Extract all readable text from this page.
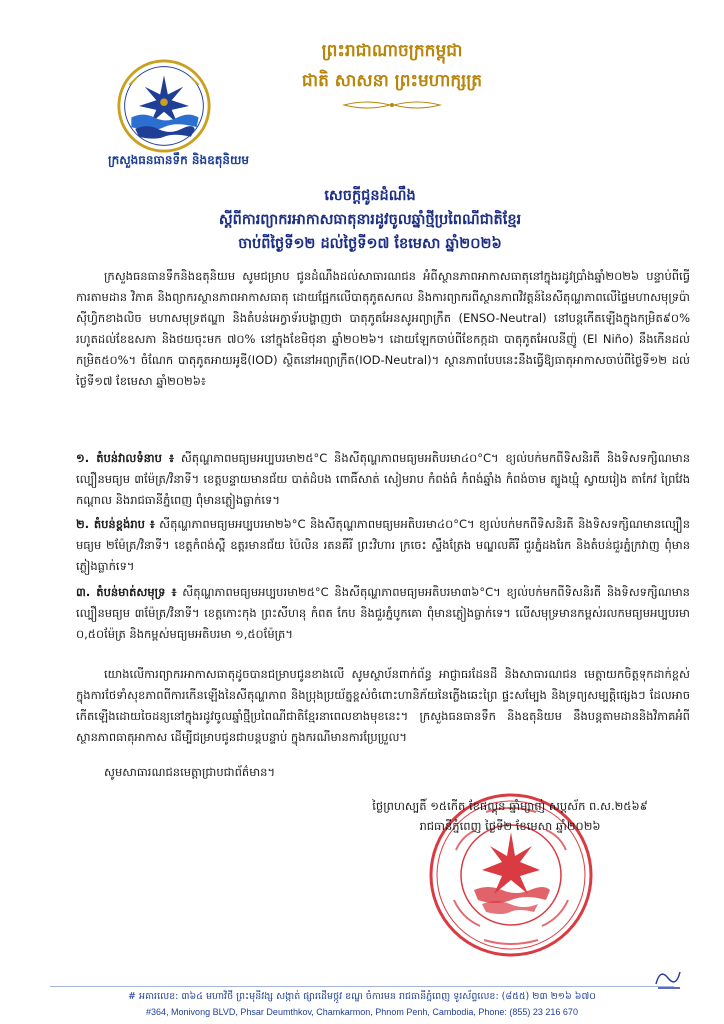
ព្រះរាជាណាចក្រកម្ពុជា
ជាតិ សាសនា ព្រះមហាក្សត្រ
ក្រសួងធនធានទឹក និងឧតុនិយម
សេចក្តីជូនដំណឹង
ស្តីពីការព្យាករអាកាសធាតុនារដូវចូលឆ្នាំថ្មីប្រពៃណីជាតិខ្មែរ
ចាប់ពីថ្ងៃទី១២ ដល់ថ្ងៃទី១៧ ខែមេសា ឆ្នាំ២០២៦
ក្រសួងធនធានទឹកនិងឧតុនិយម សូមជម្រាប ជូនដំណឹងដល់សាធារណជន អំពីស្ថានភាពអាកាសធាតុនៅក្នុងរដូវប្រាំងឆ្នាំ២០២៦ បន្ទាប់ពីធ្វើការតាមដាន វិភាគ និងព្យាករស្ថានភាពអាកាសធាតុ ដោយផ្អែកលើបាតុភូតសកល និងការព្យាករពីស្ថានភាពវិវត្តន៍នៃសីតុណ្ហភាពលើផ្ទៃមហាសមុទ្រប៉ាស៊ីហ្វិកខាងលិច មហាសមុទ្រឥណ្ឌា និងតំបន់អេក្វាទ័របង្ហាញថា បាតុភូតអែនសូអព្យាក្រឹត (ENSO-Neutral) នៅបន្តកើតឡើងក្នុងកម្រិត៩០% រហូតដល់ខែឧសភា និងថយចុះមក ៧០% នៅក្នុងខែមិថុនា ឆ្នាំ២០២៦។ ដោយឡែកចាប់ពីខែកក្កដា បាតុភូតអែលនីញ៉ូ (El Niño) នឹងកើនដល់កម្រិត៥០%។ ចំណែក បាតុភូតអាយអូឌី(IOD) ស្ថិតនៅអព្យាក្រឹត(IOD-Neutral)។ ស្ថានភាពបែបនេះនឹងធ្វើឱ្យធាតុអាកាសចាប់ពីថ្ងៃទី១២ ដល់ថ្ងៃទី១៧ ខែមេសា ឆ្នាំ២០២៦៖
១. តំបន់វាលទំនាប ៖ សីតុណ្ហភាពមធ្យមអប្បបរមា២៥°C និងសីតុណ្ហភាពមធ្យមអតិបរមា៤០°C។ ខ្យល់បក់មកពីទិសនិរតី និងទិសទក្សិណមានល្បឿនមធ្យម ៣ម៉ែត្រ/វិនាទី។ ខេត្តបន្ទាយមានជ័យ បាត់ដំបង ពោធិ៍សាត់ សៀមរាប កំពង់ធំ កំពង់ឆ្នាំង កំពង់ចាម ត្បូងឃ្មុំ ស្វាយរៀង តាកែវ ព្រៃវែង កណ្តាល និងរាជធានីភ្នំពេញ ពុំមានភ្លៀងធ្លាក់ទេ។
២. តំបន់ខ្ពង់រាប ៖ សីតុណ្ហភាពមធ្យមអប្បបរមា២៦°C និងសីតុណ្ហភាពមធ្យមអតិបរមា៤០°C។ ខ្យល់បក់មកពីទិសនិរតី និងទិសទក្សិណមានល្បឿនមធ្យម ២ម៉ែត្រ/វិនាទី។ ខេត្តកំពង់ស្ពឺ ឧត្តរមានជ័យ ប៉ៃលិន រតនគីរី ព្រះវិហារ ក្រចេះ ស្ទឹងត្រែង មណ្ឌលគីរី ជួរភ្នំដងរែក និងតំបន់ជួរភ្នំក្រវាញ ពុំមានភ្លៀងធ្លាក់ទេ។
៣. តំបន់មាត់សមុទ្រ ៖ សីតុណ្ហភាពមធ្យមអប្បបរមា២៥°C និងសីតុណ្ហភាពមធ្យមអតិបរមា៣៦°C។ ខ្យល់បក់មកពីទិសនិរតី និងទិសទក្សិណមានល្បឿនមធ្យម ៣ម៉ែត្រ/វិនាទី។ ខេត្តកោះកុង ព្រះសីហនុ កំពត កែប និងជួរភ្នំបូកគោ ពុំមានភ្លៀងធ្លាក់ទេ។ លើសមុទ្រមានកម្ពស់រលកមធ្យមអប្បបរមា ០,៥០ម៉ែត្រ និងកម្ពស់មធ្យមអតិបរមា ១,៥០ម៉ែត្រ។
យោងលើការព្យាករអាកាសធាតុដូចបានជម្រាបជូនខាងលើ សូមស្ថាប័នពាក់ព័ន្ធ អាជ្ញាធរដែនដី និងសាធារណជន មេត្តាយកចិត្តទុកដាក់ខ្ពស់ក្នុងការថែទាំសុខភាពពីការកើនឡើងនៃសីតុណ្ហភាព និងប្រុងប្រយ័ត្នខ្ពស់ចំពោះហានិភ័យនៃភ្លើងឆេះព្រៃ ផ្ទះសម្បែង និងទ្រព្យសម្បត្តិផ្សេងៗ ដែលអាចកើតឡើងដោយចៃដន្យនៅក្នុងរដូវចូលឆ្នាំថ្មីប្រពៃណីជាតិខ្មែរនាពេលខាងមុខនេះ។ ក្រសួងធនធានទឹក និងឧតុនិយម នឹងបន្តតាមដាននិងវិភាគអំពីស្ថានភាពធាតុអាកាស ដើម្បីជម្រាបជូនជាបន្តបន្ទាប់ ក្នុងករណីមានការប្រែប្រួល។
សូមសាធារណជនមេត្តាជ្រាបជាព័ត៌មាន។
ថ្ងៃព្រហស្បតិ៍ ១៥កើត ខែផល្គុន ឆ្នាំម្សាញ់ សប្តស័ក ព.ស.២៥៦៩
រាជធានីភ្នំពេញ ថ្ងៃទី២ ខែមេសា ឆ្នាំ២០២៦
# អគារលេខ: ៣៦៤ មហាវិថី ព្រះមុនីវង្ស សង្កាត់ ផ្សារដើមថ្កូវ ខណ្ឌ ចំការមន រាជធានីភ្នំពេញ ទូរស័ព្ទលេខ: (៨៥៥) ២៣ ២១៦ ៦៧០
#364, Monivong BLVD, Phsar Deumthkov, Chamkarmon, Phnom Penh, Cambodia, Phone: (855) 23 216 670
